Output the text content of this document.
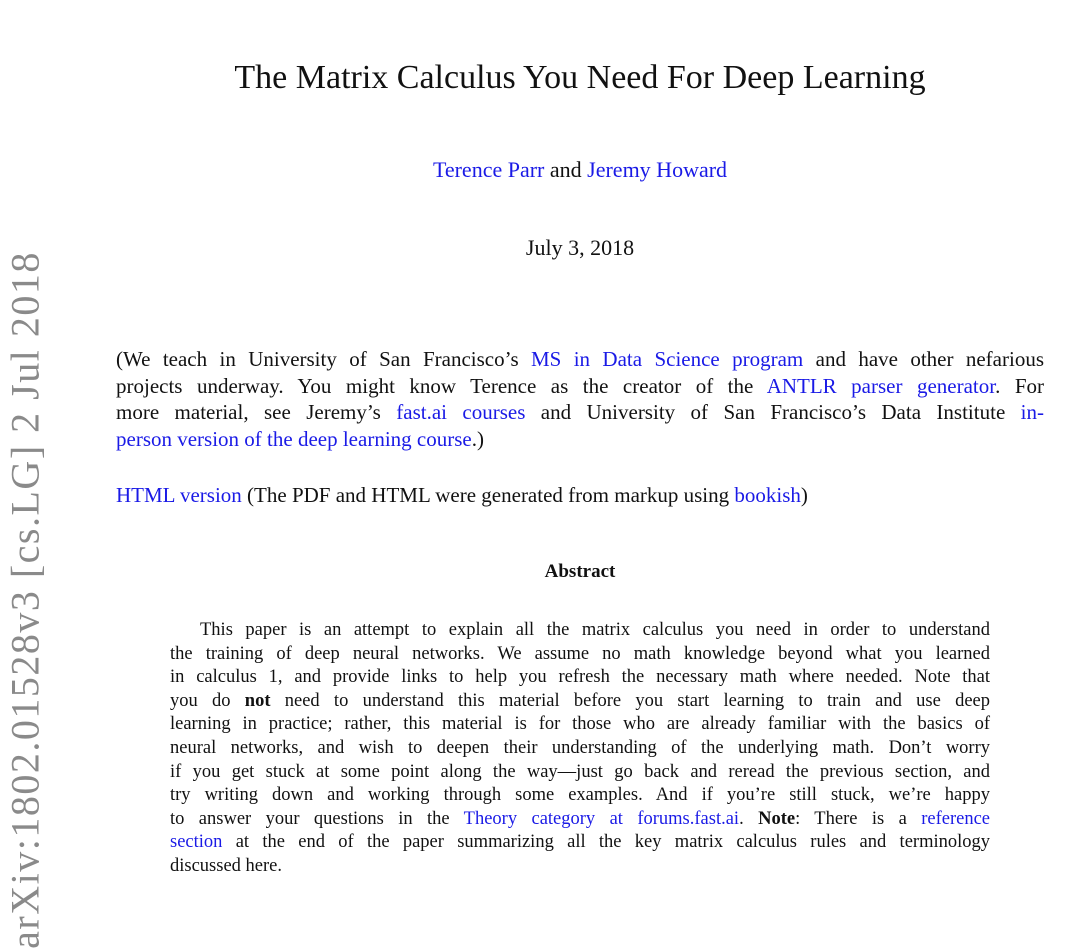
arXiv:1802.01528v3 [cs.LG] 2 Jul 2018
The Matrix Calculus You Need For Deep Learning
Terence Parr and Jeremy Howard
July 3, 2018
(We teach in University of San Francisco’s MS in Data Science program and have other nefarious
projects underway. You might know Terence as the creator of the ANTLR parser generator. For
more material, see Jeremy’s fast.ai courses and University of San Francisco’s Data Institute in-
person version of the deep learning course.)
HTML version (The PDF and HTML were generated from markup using bookish)
Abstract
This paper is an attempt to explain all the matrix calculus you need in order to understand
the training of deep neural networks. We assume no math knowledge beyond what you learned
in calculus 1, and provide links to help you refresh the necessary math where needed. Note that
you do not need to understand this material before you start learning to train and use deep
learning in practice; rather, this material is for those who are already familiar with the basics of
neural networks, and wish to deepen their understanding of the underlying math. Don’t worry
if you get stuck at some point along the way—just go back and reread the previous section, and
try writing down and working through some examples. And if you’re still stuck, we’re happy
to answer your questions in the Theory category at forums.fast.ai. Note: There is a reference
section at the end of the paper summarizing all the key matrix calculus rules and terminology
discussed here.
